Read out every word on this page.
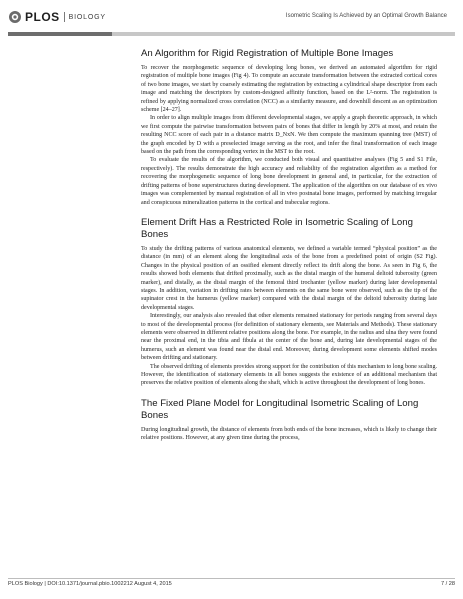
PLOS BIOLOGY	Isometric Scaling Is Achieved by an Optimal Growth Balance
An Algorithm for Rigid Registration of Multiple Bone Images

To recover the morphogenetic sequence of developing long bones, we derived an automated algorithm for rigid registration of multiple bone images (Fig 4). To compute an accurate transformation between the extracted cortical cores of two bone images, we start by coarsely estimating the registration by extracting a cylindrical shape descriptor from each image and matching the descriptors by custom-designed affinity function, based on the L²-norm. The registration is refined by applying normalized cross correlation (NCC) as a similarity measure, and downhill descent as an optimization scheme [24–27].

In order to align multiple images from different developmental stages, we apply a graph theoretic approach, in which we first compute the pairwise transformation between pairs of bones that differ in length by 20% at most, and retain the resulting NCC score of each pair in a distance matrix D_NxN. We then compute the maximum spanning tree (MST) of the graph encoded by D with a preselected image serving as the root, and infer the final transformation of each image based on the path from the corresponding vertex in the MST to the root.

To evaluate the results of the algorithm, we conducted both visual and quantitative analyses (Fig 5 and S1 File, respectively). The results demonstrate the high accuracy and reliability of the registration algorithm as a method for recovering the morphogenetic sequence of long bone development in general and, in particular, for the extraction of drifting patterns of bone superstructures during development. The application of the algorithm on our database of ex vivo images was complemented by manual registration of all in vivo postnatal bone images, performed by matching irregular and conspicuous mineralization patterns in the cortical and trabecular regions.

Element Drift Has a Restricted Role in Isometric Scaling of Long Bones

To study the drifting patterns of various anatomical elements, we defined a variable termed “physical position” as the distance (in mm) of an element along the longitudinal axis of the bone from a predefined point of origin (S2 Fig). Changes in the physical position of an ossified element directly reflect its drift along the bone. As seen in Fig 6, the results showed both elements that drifted proximally, such as the distal margin of the humeral deltoid tuberosity (green marker), and distally, as the distal margin of the femoral third trochanter (yellow marker) during later developmental stages. In addition, variation in drifting rates between elements on the same bone were observed, such as the tip of the supinator crest in the humerus (yellow marker) compared with the distal margin of the deltoid tuberosity during late developmental stages.

Interestingly, our analysis also revealed that other elements remained stationary for periods ranging from several days to most of the developmental process (for definition of stationary elements, see Materials and Methods). These stationary elements were observed in different relative positions along the bone. For example, in the radius and ulna they were found near the proximal end, in the tibia and fibula at the center of the bone and, during late developmental stages of the humerus, such an element was found near the distal end. Moreover, during development some elements shifted modes between drifting and stationary.

The observed drifting of elements provides strong support for the contribution of this mechanism to long bone scaling. However, the identification of stationary elements in all bones suggests the existence of an additional mechanism that preserves the relative position of elements along the shaft, which is active throughout the development of long bones.

The Fixed Plane Model for Longitudinal Isometric Scaling of Long Bones

During longitudinal growth, the distance of elements from both ends of the bone increases, which is likely to change their relative positions. However, at any given time during the process,

PLOS Biology | DOI:10.1371/journal.pbio.1002212 August 4, 2015	7 / 28
